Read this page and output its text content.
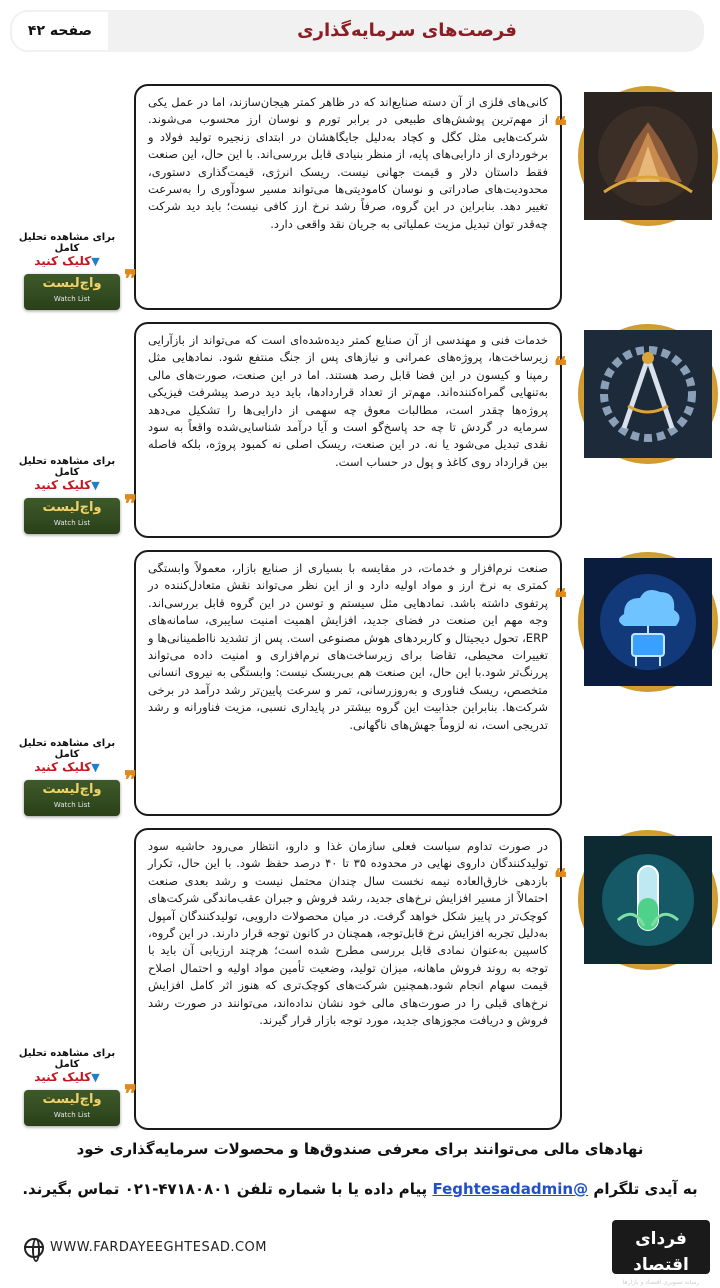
صفحه ۴۲	فرصت‌های سرمایه‌گذاری
برای مشاهده تحلیل کامل
▼کلیک کنید
واچ‌لیست
Watch List

کانی‌های فلزی از آن دسته صنایع‌اند که در ظاهر کمتر هیجان‌سازند، اما در عمل یکی از مهم‌ترین پوشش‌های طبیعی در برابر تورم و نوسان ارز محسوب می‌شوند. شرکت‌هایی مثل کگل و کچاد به‌دلیل جایگاهشان در ابتدای زنجیره تولید فولاد و برخورداری از دارایی‌های پایه، از منظر بنیادی قابل بررسی‌اند. با این حال، این صنعت فقط داستان دلار و قیمت جهانی نیست. ریسک انرژی، قیمت‌گذاری دستوری، محدودیت‌های صادراتی و نوسان کامودیتی‌ها می‌تواند مسیر سودآوری را به‌سرعت تغییر دهد. بنابراین در این گروه، صرفاً رشد نرخ ارز کافی نیست؛ باید دید شرکت چه‌قدر توان تبدیل مزیت عملیاتی به جریان نقد واقعی دارد.

❞
❝
برای مشاهده تحلیل کامل
▼کلیک کنید
واچ‌لیست
Watch List

خدمات فنی و مهندسی از آن صنایع کمتر دیده‌شده‌ای است که می‌تواند از بازآرایی زیرساخت‌ها، پروژه‌های عمرانی و نیازهای پس از جنگ منتفع شود. نمادهایی مثل رمپنا و کیسون در این فضا قابل رصد هستند. اما در این صنعت، صورت‌های مالی به‌تنهایی گمراه‌کننده‌اند. مهم‌تر از تعداد قراردادها، باید دید درصد پیشرفت فیزیکی پروژه‌ها چقدر است، مطالبات معوق چه سهمی از دارایی‌ها را تشکیل می‌دهد سرمایه در گردش تا چه حد پاسخ‌گو است و آیا درآمد شناسایی‌شده واقعاً به سود نقدی تبدیل می‌شود یا نه. در این صنعت، ریسک اصلی نه کمبود پروژه، بلکه فاصله بین قرارداد روی کاغذ و پول در حساب است.

❞
❝
برای مشاهده تحلیل کامل
▼کلیک کنید
واچ‌لیست
Watch List

صنعت نرم‌افزار و خدمات، در مقایسه با بسیاری از صنایع بازار، معمولاً وابستگی کمتری به نرخ ارز و مواد اولیه دارد و از این نظر می‌تواند نقش متعادل‌کننده در پرتفوی داشته باشد. نمادهایی مثل سیستم و توسن در این گروه قابل بررسی‌اند. وجه مهم این صنعت در فضای جدید، افزایش اهمیت امنیت سایبری، سامانه‌های ERP، تحول دیجیتال و کاربردهای هوش مصنوعی است. پس از تشدید نااطمینانی‌ها و تغییرات محیطی، تقاضا برای زیرساخت‌های نرم‌افزاری و امنیت داده می‌تواند پررنگ‌تر شود.با این حال، این صنعت هم بی‌ریسک نیست: وابستگی به نیروی انسانی متخصص، ریسک فناوری و به‌روزرسانی، تمر و سرعت پایین‌تر رشد درآمد در برخی شرکت‌ها. بنابراین جذابیت این گروه بیشتر در پایداری نسبی، مزیت فناورانه و رشد تدریجی است، نه لزوماً جهش‌های ناگهانی.

❞
❝
برای مشاهده تحلیل کامل
▼کلیک کنید
واچ‌لیست
Watch List

در صورت تداوم سیاست فعلی سازمان غذا و دارو، انتظار می‌رود حاشیه سود تولیدکنندگان داروی نهایی در محدوده ۳۵ تا ۴۰ درصد حفظ شود. با این حال، تکرار بازدهی خارق‌العاده نیمه نخست سال چندان محتمل نیست و رشد بعدی صنعت احتمالاً از مسیر افزایش نرخ‌های جدید، رشد فروش و جبران عقب‌ماندگی شرکت‌های کوچک‌تر در پاییز شکل خواهد گرفت. در میان محصولات دارویی، تولیدکنندگان آمپول به‌دلیل تجربه افزایش نرخ قابل‌توجه، همچنان در کانون توجه قرار دارند. در این گروه، کاسپین به‌عنوان نمادی قابل بررسی مطرح شده است؛ هرچند ارزیابی آن باید با توجه به روند فروش ماهانه، میزان تولید، وضعیت تأمین مواد اولیه و احتمال اصلاح قیمت سهام انجام شود.همچنین شرکت‌های کوچک‌تری که هنوز اثر کامل افزایش نرخ‌های قبلی را در صورت‌های مالی خود نشان نداده‌اند، می‌توانند در صورت رشد فروش و دریافت مجوزهای جدید، مورد توجه بازار قرار گیرند.

❞
❝
نهادهای مالی می‌توانند برای معرفی صندوق‌ها و محصولات سرمایه‌گذاری خود
به آیدی تلگرام @Feghtesadadmin پیام داده یا با شماره تلفن ۴۷۱۸۰۸۰۱-۰۲۱ تماس بگیرند.
WWW.FARDAYEEGHTESAD.COM	فردای اقتصاد
رسانه تصویری اقتصاد و بازارها
